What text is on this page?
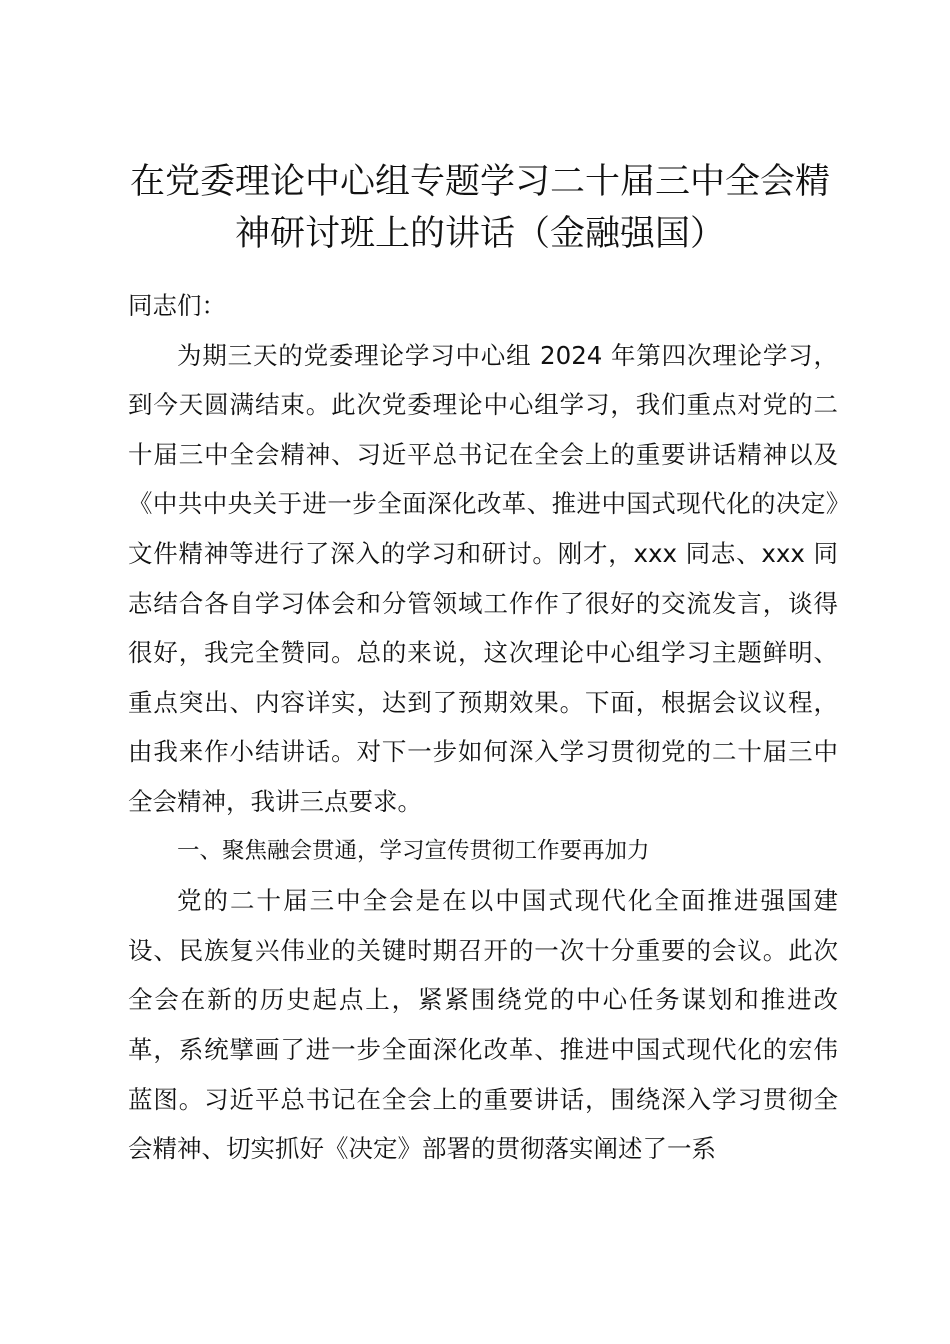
在党委理论中心组专题学习二十届三中全会精
神研讨班上的讲话（金融强国）

同志们：

为期三天的党委理论学习中心组 2024 年第四次理论学习，到今天圆满结束。此次党委理论中心组学习，我们重点对党的二十届三中全会精神、习近平总书记在全会上的重要讲话精神以及《中共中央关于进一步全面深化改革、推进中国式现代化的决定》文件精神等进行了深入的学习和研讨。刚才，xxx 同志、xxx 同志结合各自学习体会和分管领域工作作了很好的交流发言，谈得很好，我完全赞同。总的来说，这次理论中心组学习主题鲜明、重点突出、内容详实，达到了预期效果。下面，根据会议议程，由我来作小结讲话。对下一步如何深入学习贯彻党的二十届三中全会精神，我讲三点要求。

一、聚焦融会贯通，学习宣传贯彻工作要再加力

党的二十届三中全会是在以中国式现代化全面推进强国建设、民族复兴伟业的关键时期召开的一次十分重要的会议。此次全会在新的历史起点上，紧紧围绕党的中心任务谋划和推进改革，系统擘画了进一步全面深化改革、推进中国式现代化的宏伟蓝图。习近平总书记在全会上的重要讲话，围绕深入学习贯彻全会精神、切实抓好《决定》部署的贯彻落实阐述了一系
